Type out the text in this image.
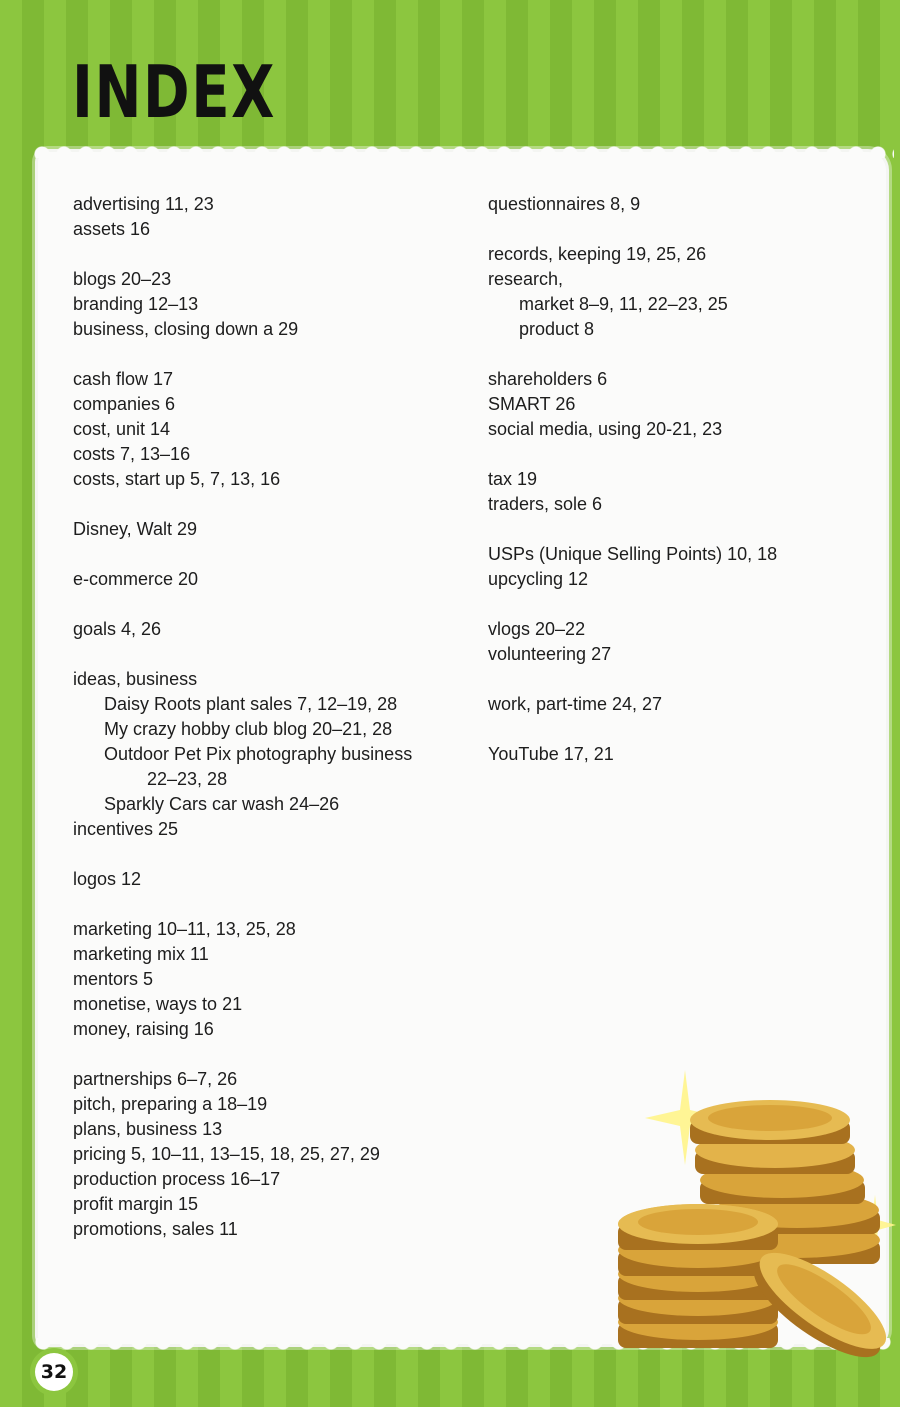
INDEX
advertising 11, 23
assets 16
blogs 20–23
branding 12–13
business, closing down a 29
cash flow 17
companies 6
cost, unit 14
costs 7, 13–16
costs, start up 5, 7, 13, 16
Disney, Walt 29
e-commerce 20
goals 4, 26
ideas, business
Daisy Roots plant sales 7, 12–19, 28
My crazy hobby club blog 20–21, 28
Outdoor Pet Pix photography business
22–23, 28
Sparkly Cars car wash 24–26
incentives 25
logos 12
marketing 10–11, 13, 25, 28
marketing mix 11
mentors 5
monetise, ways to 21
money, raising 16
partnerships 6–7, 26
pitch, preparing a 18–19
plans, business 13
pricing 5, 10–11, 13–15, 18, 25, 27, 29
production process 16–17
profit margin 15
promotions, sales 11
questionnaires 8, 9
records, keeping 19, 25, 26
research,
market 8–9, 11, 22–23, 25
product 8
shareholders 6
SMART 26
social media, using 20-21, 23
tax 19
traders, sole 6
USPs (Unique Selling Points) 10, 18
upcycling 12
vlogs 20–22
volunteering 27
work, part-time 24, 27
YouTube 17, 21
32
